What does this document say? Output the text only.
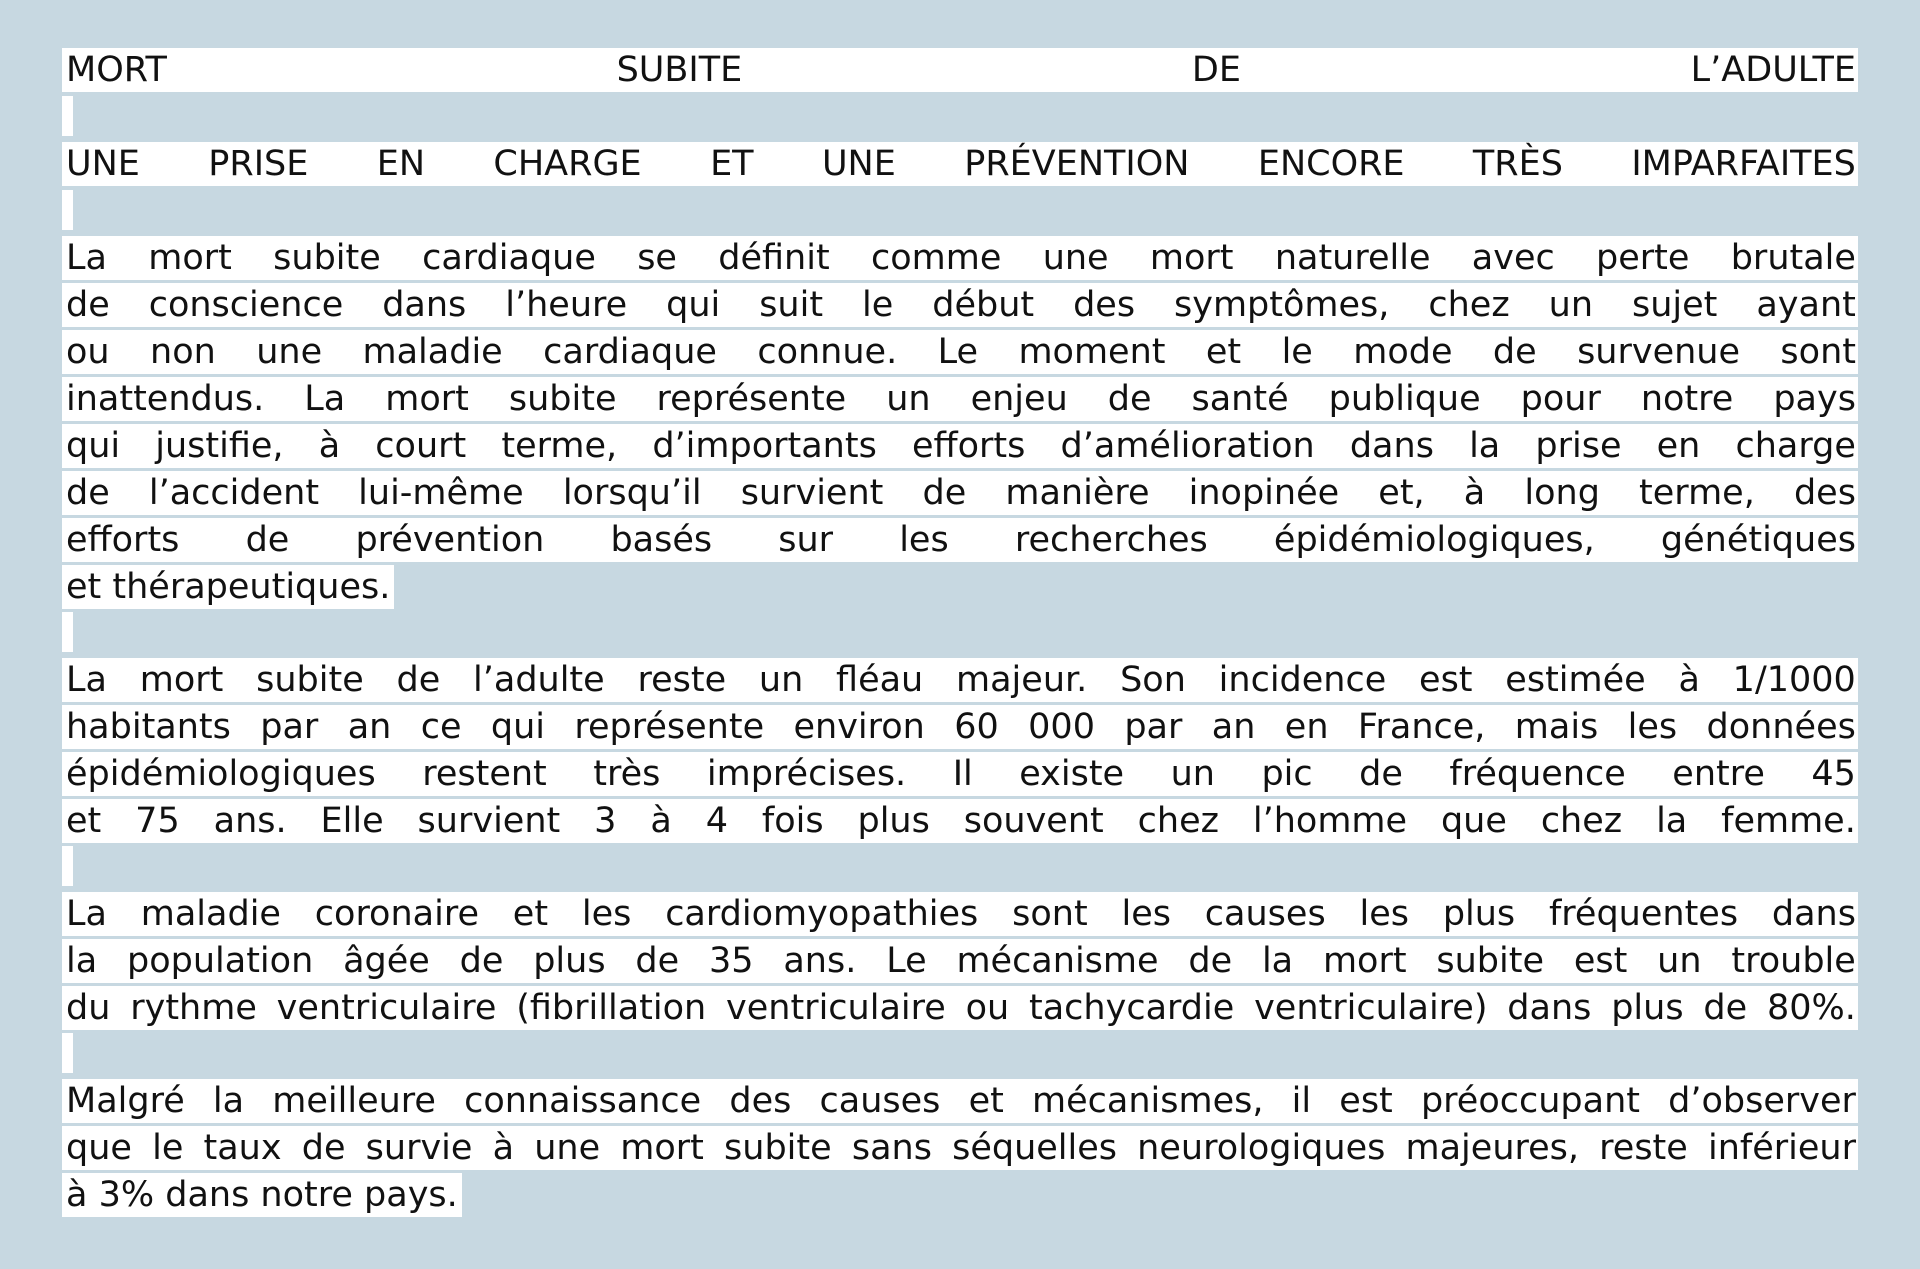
MORT	SUBITE	DE	L’ADULTE
UNE PRISE EN CHARGE ET UNE PRÉVENTION ENCORE TRÈS IMPARFAITES
La mort subite cardiaque se définit comme une mort naturelle avec perte brutale
de conscience dans l’heure qui suit le début des symptômes, chez un sujet ayant
ou non une maladie cardiaque connue. Le moment et le mode de survenue sont
inattendus. La mort subite représente un enjeu de santé publique pour notre pays
qui justifie, à court terme, d’importants efforts d’amélioration dans la prise en charge
de l’accident lui-même lorsqu’il survient de manière inopinée et, à long terme, des
efforts de prévention basés sur les recherches épidémiologiques, génétiques
et thérapeutiques.
La mort subite de l’adulte reste un fléau majeur. Son incidence est estimée à 1/1000
habitants par an ce qui représente environ 60 000 par an en France, mais les données
épidémiologiques restent très imprécises. Il existe un pic de fréquence entre 45
et 75 ans. Elle survient 3 à 4 fois plus souvent chez l’homme que chez la femme.
La maladie coronaire et les cardiomyopathies sont les causes les plus fréquentes dans
la population âgée de plus de 35 ans. Le mécanisme de la mort subite est un trouble
du rythme ventriculaire (fibrillation ventriculaire ou tachycardie ventriculaire) dans plus de 80%.
Malgré la meilleure connaissance des causes et mécanismes, il est préoccupant d’observer
que le taux de survie à une mort subite sans séquelles neurologiques majeures, reste inférieur
à 3% dans notre pays.
